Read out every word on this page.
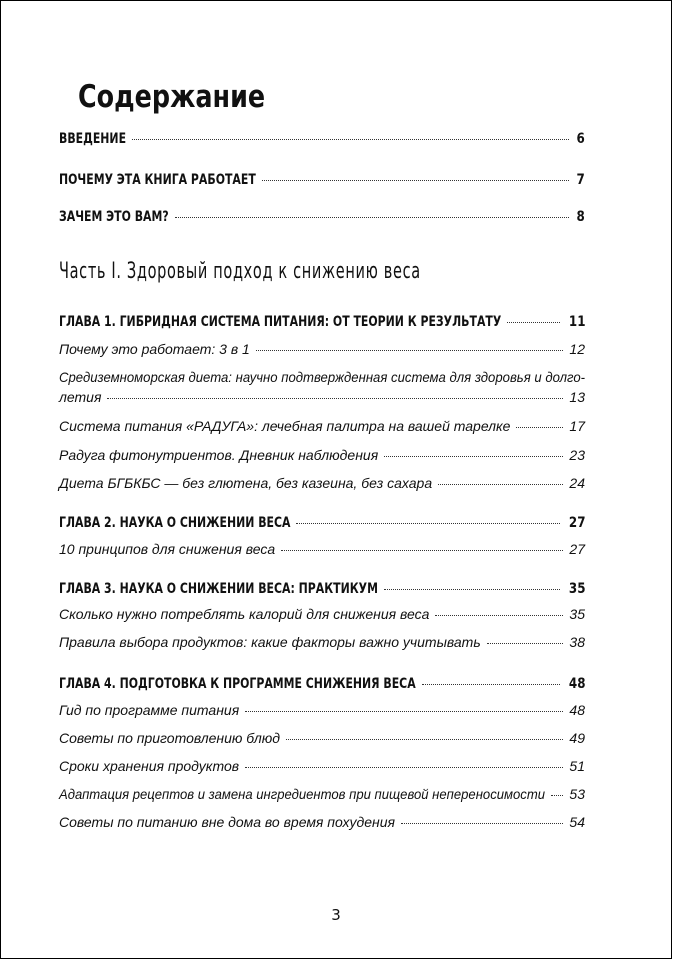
Содержание
ВВЕДЕНИЕ	6
ПОЧЕМУ ЭТА КНИГА РАБОТАЕТ	7
ЗАЧЕМ ЭТО ВАМ?	8
Часть I. Здоровый подход к снижению веса
ГЛАВА 1. ГИБРИДНАЯ СИСТЕМА ПИТАНИЯ: ОТ ТЕОРИИ К РЕЗУЛЬТАТУ	11
Почему это работает: 3 в 1	12
Средиземноморская диета: научно подтвержденная система для здоровья и долго-
летия	13
Система питания «РАДУГА»: лечебная палитра на вашей тарелке	17
Радуга фитонутриентов. Дневник наблюдения	23
Диета БГБКБС — без глютена, без казеина, без сахара	24
ГЛАВА 2. НАУКА О СНИЖЕНИИ ВЕСА	27
10 принципов для снижения веса	27
ГЛАВА 3. НАУКА О СНИЖЕНИИ ВЕСА: ПРАКТИКУМ	35
Сколько нужно потреблять калорий для снижения веса	35
Правила выбора продуктов: какие факторы важно учитывать	38
ГЛАВА 4. ПОДГОТОВКА К ПРОГРАММЕ СНИЖЕНИЯ ВЕСА	48
Гид по программе питания	48
Советы по приготовлению блюд	49
Сроки хранения продуктов	51
Адаптация рецептов и замена ингредиентов при пищевой непереносимости 53
Советы по питанию вне дома во время похудения	54
3
